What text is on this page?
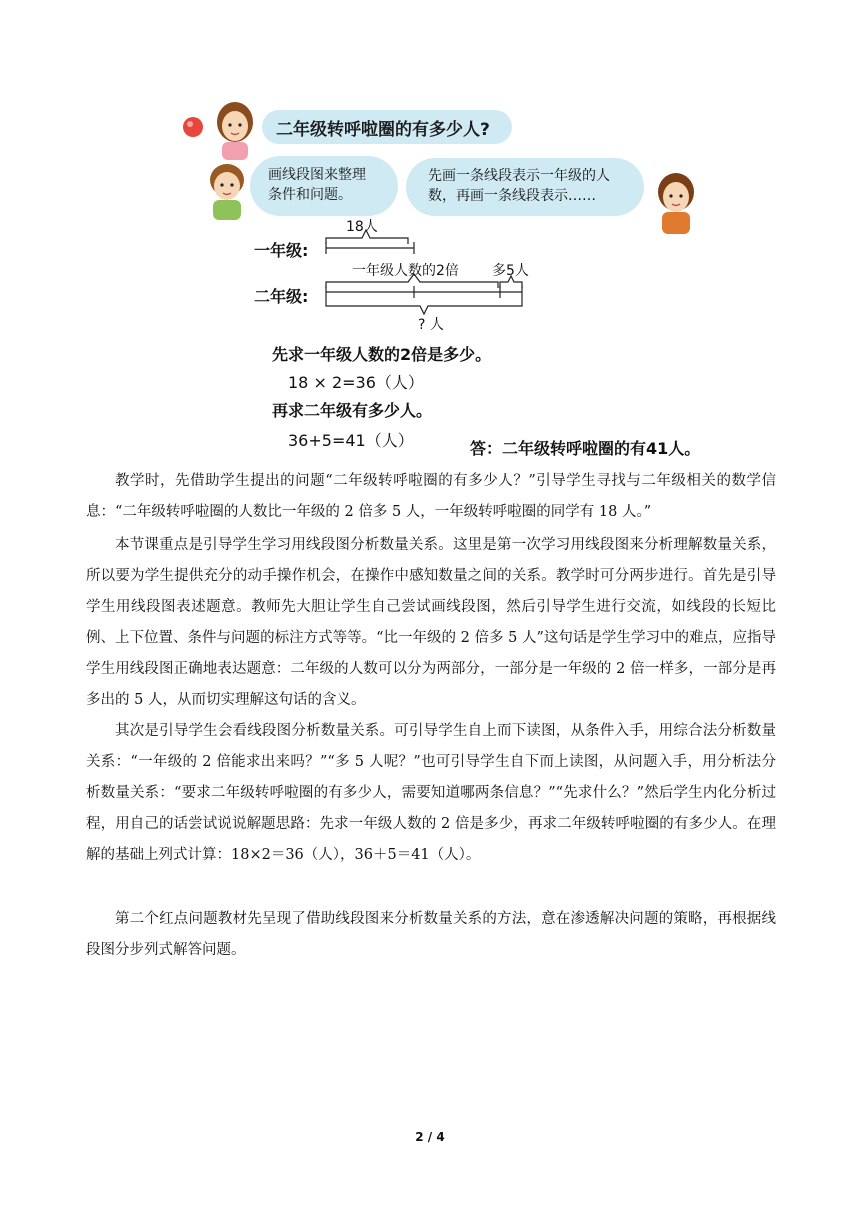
二年级转呼啦圈的有多少人?
画线段图来整理
条件和问题。
先画一条线段表示一年级的人
数，再画一条线段表示……
18人
一年级:
一年级人数的2倍 多5人
二年级:
? 人
先求一年级人数的2倍是多少。
18 × 2=36（人）
再求二年级有多少人。
36+5=41（人）	答：二年级转呼啦圈的有41人。

教学时，先借助学生提出的问题“二年级转呼啦圈的有多少人？”引导学生寻找与二年级相关的数学信息：“二年级转呼啦圈的人数比一年级的 2 倍多 5 人，一年级转呼啦圈的同学有 18 人。”

本节课重点是引导学生学习用线段图分析数量关系。这里是第一次学习用线段图来分析理解数量关系，所以要为学生提供充分的动手操作机会，在操作中感知数量之间的关系。教学时可分两步进行。首先是引导学生用线段图表述题意。教师先大胆让学生自己尝试画线段图，然后引导学生进行交流，如线段的长短比例、上下位置、条件与问题的标注方式等等。“比一年级的 2 倍多 5 人”这句话是学生学习中的难点，应指导学生用线段图正确地表达题意：二年级的人数可以分为两部分，一部分是一年级的 2 倍一样多，一部分是再多出的 5 人，从而切实理解这句话的含义。

其次是引导学生会看线段图分析数量关系。可引导学生自上而下读图，从条件入手，用综合法分析数量关系：“一年级的 2 倍能求出来吗？”“多 5 人呢？”也可引导学生自下而上读图，从问题入手，用分析法分析数量关系：“要求二年级转呼啦圈的有多少人，需要知道哪两条信息？”“先求什么？”然后学生内化分析过程，用自己的话尝试说说解题思路：先求一年级人数的 2 倍是多少，再求二年级转呼啦圈的有多少人。在理解的基础上列式计算：18×2＝36（人），36＋5＝41（人）。

第二个红点问题教材先呈现了借助线段图来分析数量关系的方法，意在渗透解决问题的策略，再根据线段图分步列式解答问题。

2 / 4
